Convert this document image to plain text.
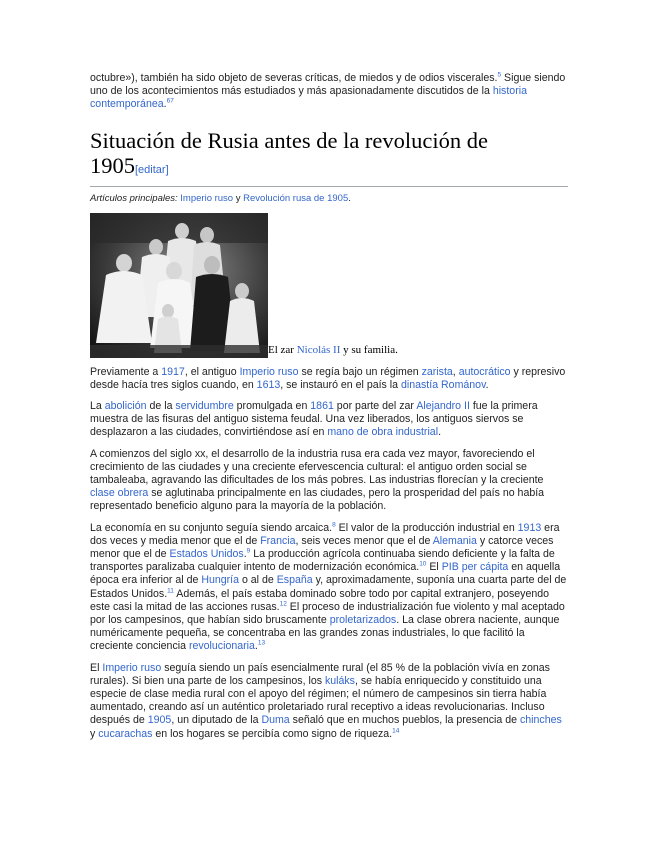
octubre»), también ha sido objeto de severas críticas, de miedos y de odios viscerales.$^5$ Sigue siendo uno de los acontecimientos más estudiados y más apasionadamente discutidos de la historia contemporánea.$^{67}$

Situación de Rusia antes de la revolución de 1905[editar]
Artículos principales: Imperio ruso y Revolución rusa de 1905.
El zar Nicolás II y su familia.

Previamente a 1917, el antiguo Imperio ruso se regía bajo un régimen zarista, autocrático y represivo desde hacía tres siglos cuando, en 1613, se instauró en el país la dinastía Románov.

La abolición de la servidumbre promulgada en 1861 por parte del zar Alejandro II fue la primera muestra de las fisuras del antiguo sistema feudal. Una vez liberados, los antiguos siervos se desplazaron a las ciudades, convirtiéndose así en mano de obra industrial.

A comienzos del siglo xx, el desarrollo de la industria rusa era cada vez mayor, favoreciendo el crecimiento de las ciudades y una creciente efervescencia cultural: el antiguo orden social se tambaleaba, agravando las dificultades de los más pobres. Las industrias florecían y la creciente clase obrera se aglutinaba principalmente en las ciudades, pero la prosperidad del país no había representado beneficio alguno para la mayoría de la población.

La economía en su conjunto seguía siendo arcaica.$^8$ El valor de la producción industrial en 1913 era dos veces y media menor que el de Francia, seis veces menor que el de Alemania y catorce veces menor que el de Estados Unidos.$^9$ La producción agrícola continuaba siendo deficiente y la falta de transportes paralizaba cualquier intento de modernización económica.$^{10}$ El PIB per cápita en aquella época era inferior al de Hungría o al de España y, aproximadamente, suponía una cuarta parte del de Estados Unidos.$^{11}$ Además, el país estaba dominado sobre todo por capital extranjero, poseyendo este casi la mitad de las acciones rusas.$^{12}$ El proceso de industrialización fue violento y mal aceptado por los campesinos, que habían sido bruscamente proletarizados. La clase obrera naciente, aunque numéricamente pequeña, se concentraba en las grandes zonas industriales, lo que facilitó la creciente conciencia revolucionaria.$^{13}$

El Imperio ruso seguía siendo un país esencialmente rural (el 85 % de la población vivía en zonas rurales). Si bien una parte de los campesinos, los kuláks, se había enriquecido y constituido una especie de clase media rural con el apoyo del régimen; el número de campesinos sin tierra había aumentado, creando así un auténtico proletariado rural receptivo a ideas revolucionarias. Incluso después de 1905, un diputado de la Duma señaló que en muchos pueblos, la presencia de chinches y cucarachas en los hogares se percibía como signo de riqueza.$^{14}$
